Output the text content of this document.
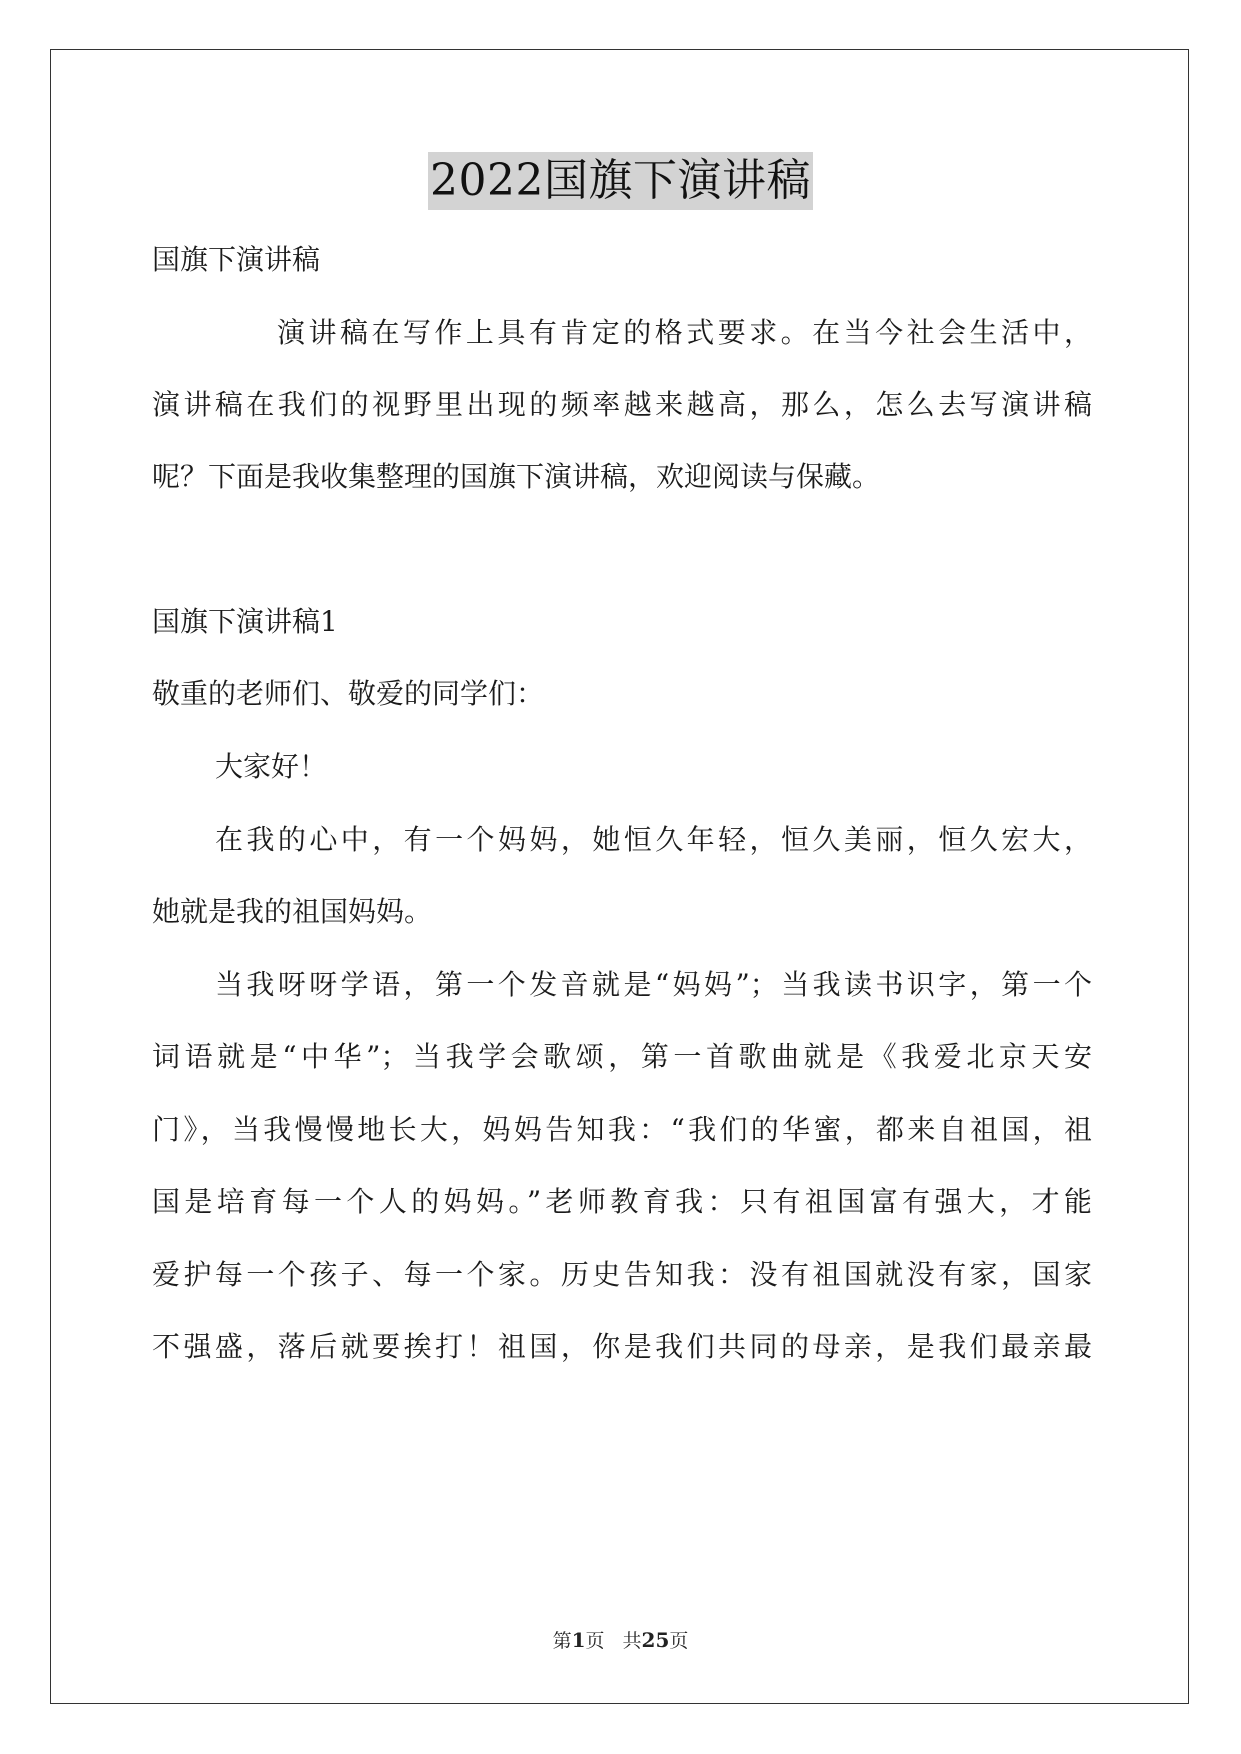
2022国旗下演讲稿

国旗下演讲稿

演讲稿在写作上具有肯定的格式要求。在当今社会生活中，

演讲稿在我们的视野里出现的频率越来越高，那么，怎么去写演讲稿

呢？下面是我收集整理的国旗下演讲稿，欢迎阅读与保藏。

国旗下演讲稿1

敬重的老师们、敬爱的同学们：

大家好！

在我的心中，有一个妈妈，她恒久年轻，恒久美丽，恒久宏大，

她就是我的祖国妈妈。

当我呀呀学语，第一个发音就是“妈妈”；当我读书识字，第一个

词语就是“中华”；当我学会歌颂，第一首歌曲就是《我爱北京天安

门》，当我慢慢地长大，妈妈告知我：“我们的华蜜，都来自祖国，祖

国是培育每一个人的妈妈。”老师教育我：只有祖国富有强大，才能

爱护每一个孩子、每一个家。历史告知我：没有祖国就没有家，国家

不强盛，落后就要挨打！祖国，你是我们共同的母亲，是我们最亲最

第1页 共25页
